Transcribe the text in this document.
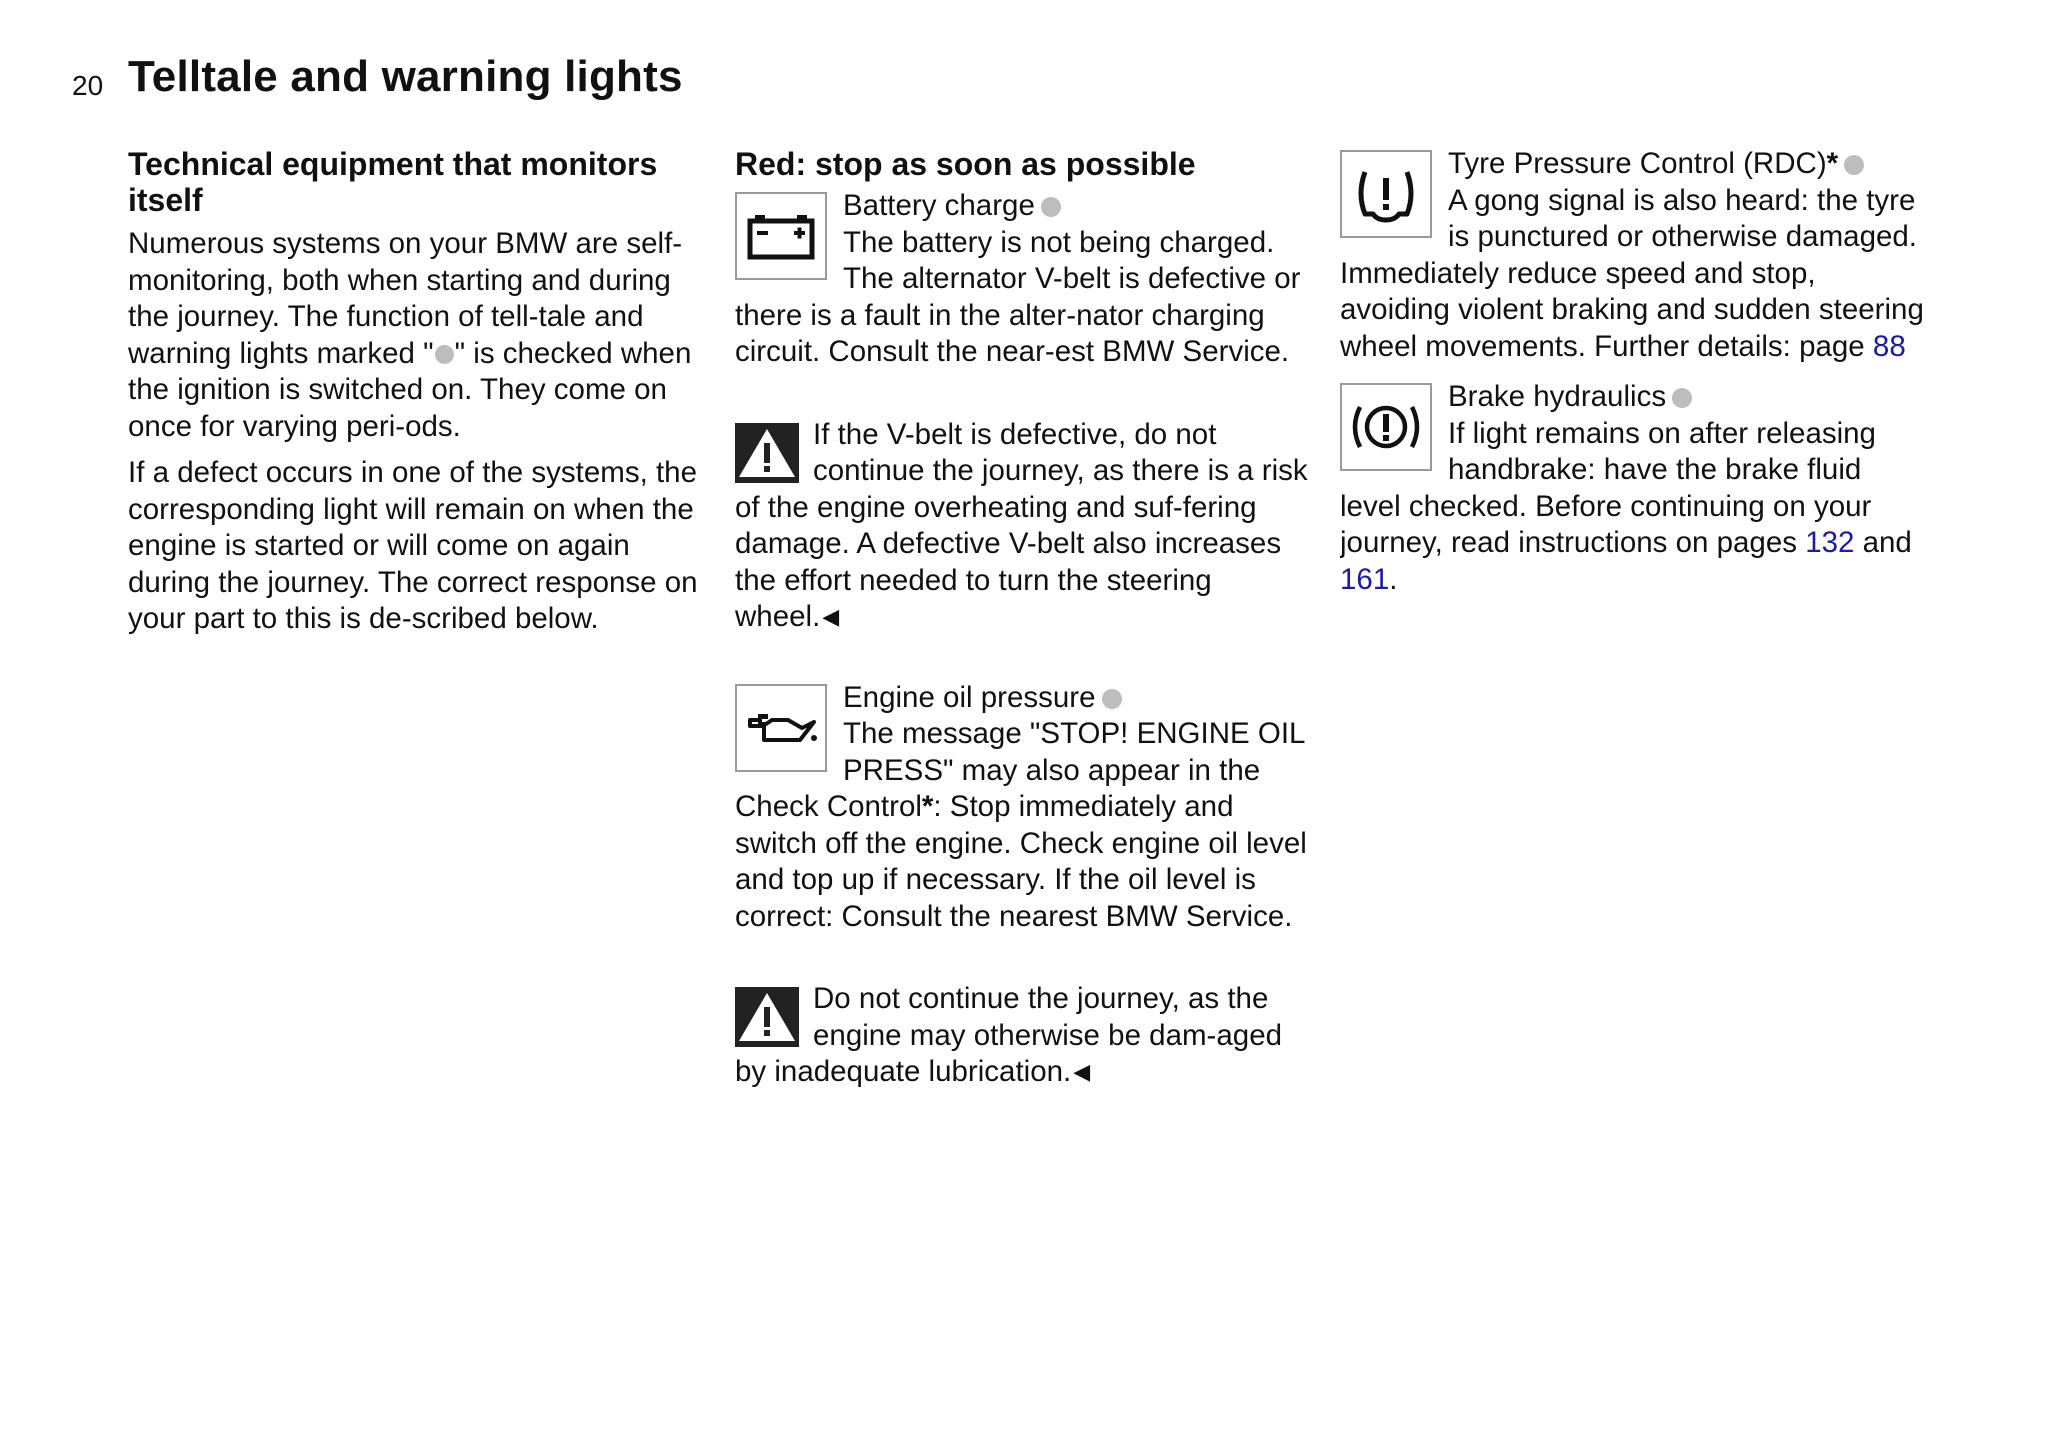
20 Telltale and warning lights
Technical equipment that monitors itself

Numerous systems on your BMW are self-monitoring, both when starting and during the journey. The function of tell-tale and warning lights marked " " is checked when the ignition is switched on. They come on once for varying peri-ods.

If a defect occurs in one of the systems, the corresponding light will remain on when the engine is started or will come on again during the journey. The correct response on your part to this is de-scribed below.

Red: stop as soon as possible
Battery charge
The battery is not being charged. The alternator V-belt is defective or there is a fault in the alter-nator charging circuit. Consult the near-est BMW Service.
If the V-belt is defective, do not continue the journey, as there is a risk of the engine overheating and suf-fering damage. A defective V-belt also increases the effort needed to turn the steering wheel.◀
Engine oil pressure
The message "STOP! ENGINE OIL PRESS" may also appear in the Check Control*: Stop immediately and switch off the engine. Check engine oil level and top up if necessary. If the oil level is correct: Consult the nearest BMW Service.
Do not continue the journey, as the engine may otherwise be dam-aged by inadequate lubrication.◀
Tyre Pressure Control (RDC)*
A gong signal is also heard: the tyre is punctured or otherwise damaged. Immediately reduce speed and stop, avoiding violent braking and sudden steering wheel movements. Further details: page 88
Brake hydraulics
If light remains on after releasing handbrake: have the brake fluid level checked. Before continuing on your journey, read instructions on pages 132 and 161.
